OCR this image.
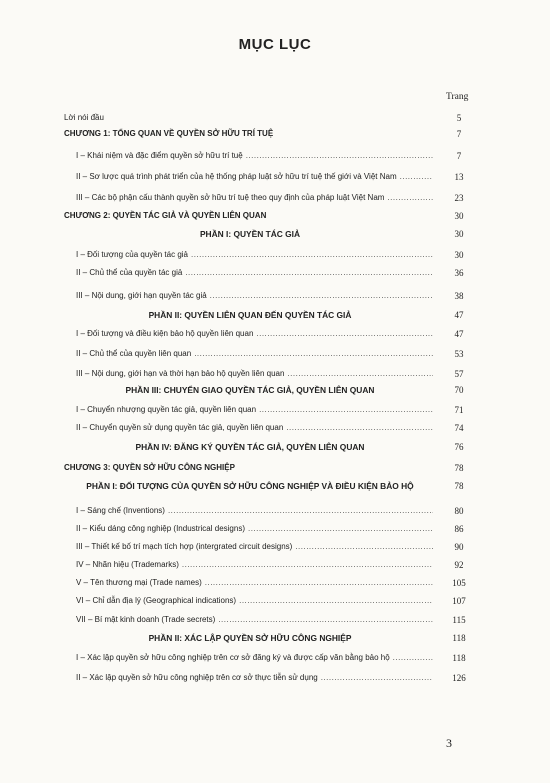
MỤC LỤC
Trang
Lời nói đầu	5
CHƯƠNG 1: TỔNG QUAN VỀ QUYỀN SỞ HỮU TRÍ TUỆ	7
I – Khái niệm và đặc điểm quyền sở hữu trí tuệ .....	7
II – Sơ lược quá trình phát triển của hệ thống pháp luật sở hữu trí tuệ thế giới và Việt Nam .....	13
III – Các bộ phận cấu thành quyền sở hữu trí tuệ theo quy định của pháp luật Việt Nam .....	23
CHƯƠNG 2: QUYỀN TÁC GIẢ VÀ QUYỀN LIÊN QUAN	30
PHẦN I: QUYỀN TÁC GIẢ	30
I – Đối tượng của quyền tác giả .....	30
II – Chủ thể của quyền tác giả .....	36
III – Nội dung, giới hạn quyền tác giả .....	38
PHẦN II: QUYỀN LIÊN QUAN ĐẾN QUYỀN TÁC GIẢ	47
I – Đối tượng và điều kiện bảo hộ quyền liên quan .....	47
II – Chủ thể của quyền liên quan .....	53
III – Nội dung, giới hạn và thời hạn bảo hộ quyền liên quan .....	57
PHẦN III: CHUYỂN GIAO QUYỀN TÁC GIẢ, QUYỀN LIÊN QUAN	70
I – Chuyển nhượng quyền tác giả, quyền liên quan .....	71
II – Chuyển quyền sử dụng quyền tác giả, quyền liên quan .....	74
PHẦN IV: ĐĂNG KÝ QUYỀN TÁC GIẢ, QUYỀN LIÊN QUAN	76
CHƯƠNG 3: QUYỀN SỞ HỮU CÔNG NGHIỆP	78
PHẦN I: ĐỐI TƯỢNG CỦA QUYỀN SỞ HỮU CÔNG NGHIỆP VÀ ĐIỀU KIỆN BẢO HỘ	78
I – Sáng chế (Inventions) .....	80
II – Kiểu dáng công nghiệp (Industrical designs) .....	86
III – Thiết kế bố trí mạch tích hợp (intergrated circuit designs) .....	90
IV – Nhãn hiệu (Trademarks) .....	92
V – Tên thương mại (Trade names) .....	105
VI – Chỉ dẫn địa lý (Geographical indications) .....	107
VII – Bí mật kinh doanh (Trade secrets) .....	115
PHẦN II: XÁC LẬP QUYỀN SỞ HỮU CÔNG NGHIỆP	118
I – Xác lập quyền sở hữu công nghiệp trên cơ sở đăng ký và được cấp văn bằng bảo hộ .....	118
II – Xác lập quyền sở hữu công nghiệp trên cơ sở thực tiễn sử dụng .....	126
3
